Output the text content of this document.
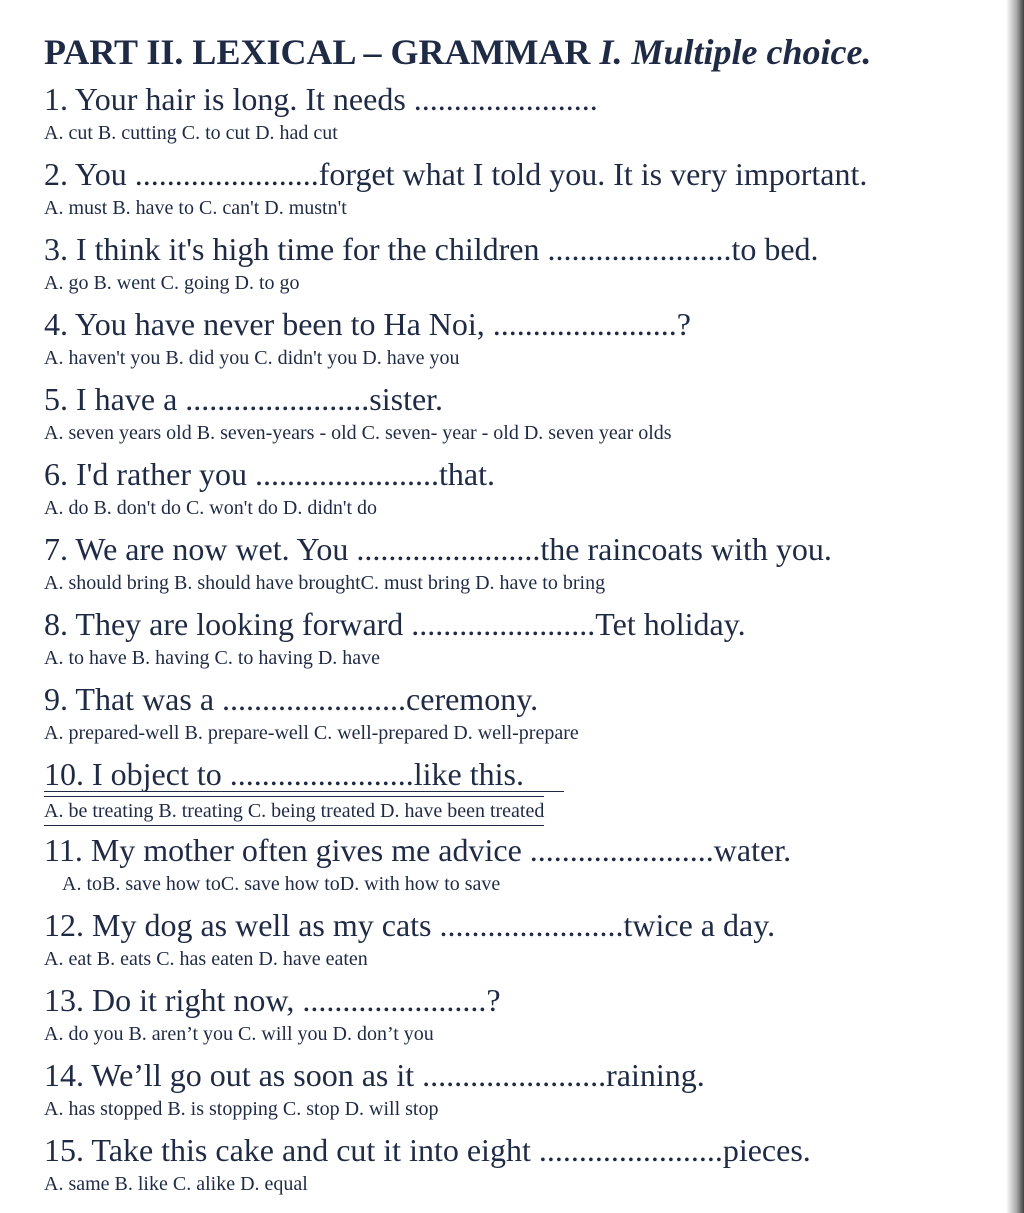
PART II. LEXICAL – GRAMMAR I. Multiple choice.
1. Your hair is long. It needs .......................
A. cut B. cutting C. to cut D. had cut
2. You .......................forget what I told you. It is very important.
A. must B. have to C. can't D. mustn't
3. I think it's high time for the children .......................to bed.
A. go B. went C. going D. to go
4. You have never been to Ha Noi, .......................?
A. haven't you B. did you C. didn't you D. have you
5. I have a .......................sister.
A. seven years old B. seven-years - old C. seven- year - old D. seven year olds
6. I'd rather you .......................that.
A. do B. don't do C. won't do D. didn't do
7. We are now wet. You .......................the raincoats with you.
A. should bring B. should have broughtC. must bring D. have to bring
8. They are looking forward .......................Tet holiday.
A. to have B. having C. to having D. have
9. That was a .......................ceremony.
A. prepared-well B. prepare-well C. well-prepared D. well-prepare
10. I object to .......................like this.
A. be treating B. treating C. being treated D. have been treated
11. My mother often gives me advice .......................water.
A. toB. save how toC. save how toD. with how to save
12. My dog as well as my cats .......................twice a day.
A. eat B. eats C. has eaten D. have eaten
13. Do it right now, .......................?
A. do you B. aren’t you C. will you D. don’t you
14. We’ll go out as soon as it .......................raining.
A. has stopped B. is stopping C. stop D. will stop
15. Take this cake and cut it into eight .......................pieces.
A. same B. like C. alike D. equal
